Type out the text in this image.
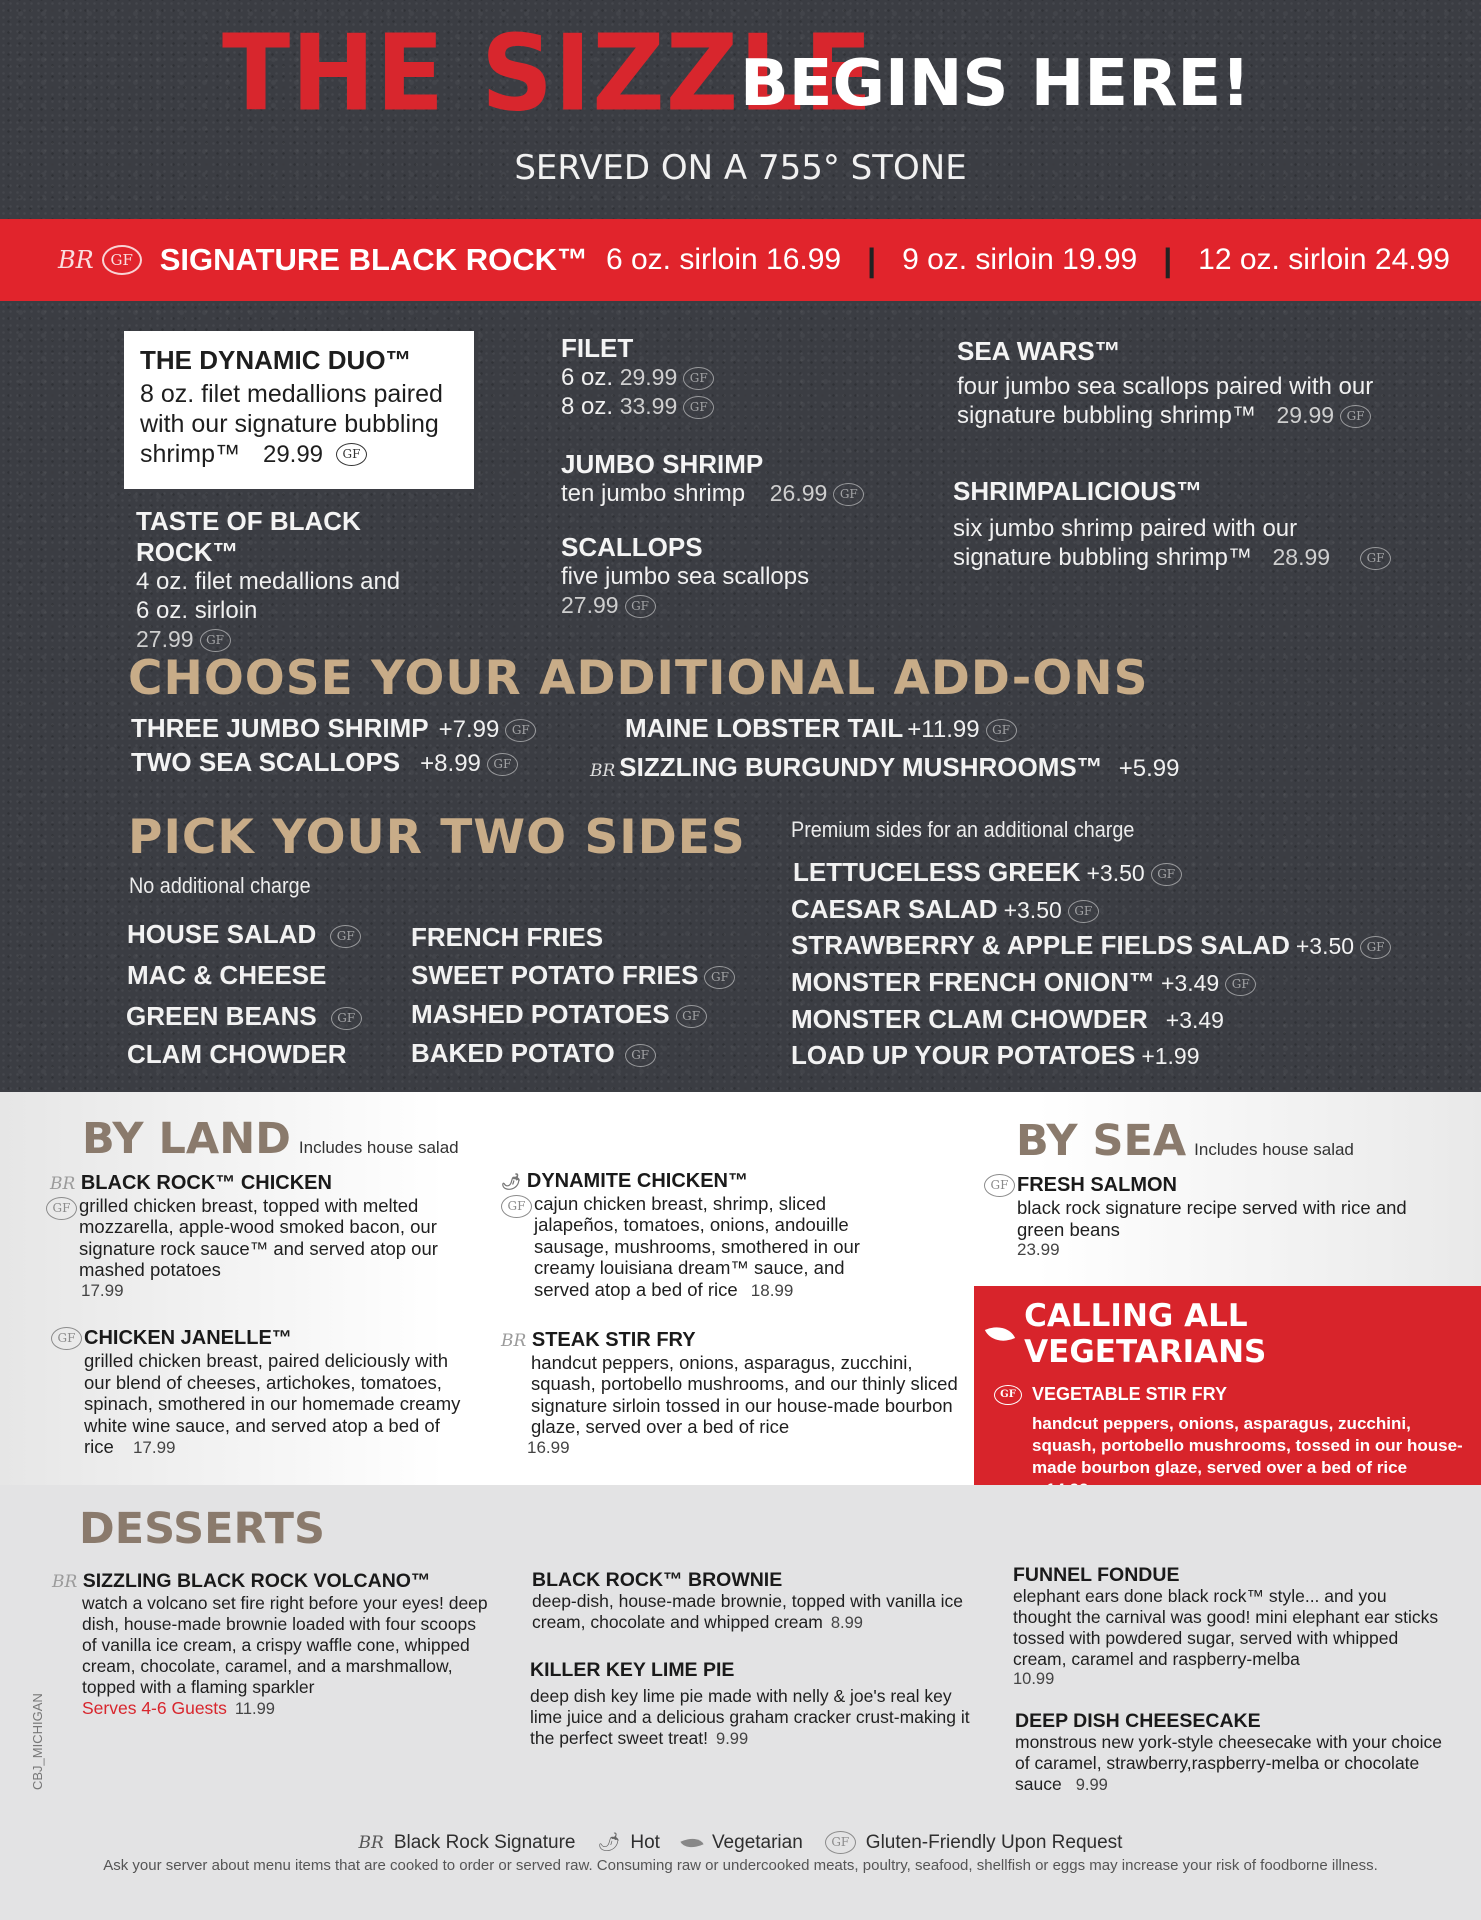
THE SIZZLE
BEGINS HERE!
SERVED ON A 755° STONE
BR	GF SIGNATURE BLACK ROCK™ 6 oz. sirloin 16.99 | 9 oz. sirloin 19.99 | 12 oz. sirloin 24.99
THE DYNAMIC DUO™
8 oz. filet medallions paired with our signature bubbling shrimp™ 29.99 GF
TASTE OF BLACK ROCK™
4 oz. filet medallions and
6 oz. sirloin
27.99 GF
FILET
6 oz. 29.99 GF
8 oz. 33.99 GF
JUMBO SHRIMP
ten jumbo shrimp 26.99 GF
SCALLOPS
five jumbo sea scallops
27.99 GF
SEA WARS™
four jumbo sea scallops paired with our
signature bubbling shrimp™ 29.99 GF
SHRIMPALICIOUS™
six jumbo shrimp paired with our
signature bubbling shrimp™ 28.99	GF
CHOOSE YOUR ADDITIONAL ADD-ONS
THREE JUMBO SHRIMP +7.99 GF
TWO SEA SCALLOPS +8.99 GF
MAINE LOBSTER TAIL +11.99 GF
BR SIZZLING BURGUNDY MUSHROOMS™ +5.99
PICK YOUR TWO SIDES
No additional charge
Premium sides for an additional charge
HOUSE SALAD GF
MAC & CHEESE
GREEN BEANS GF
CLAM CHOWDER
FRENCH FRIES
SWEET POTATO FRIES GF
MASHED POTATOES GF
BAKED POTATO GF
LETTUCELESS GREEK +3.50 GF
CAESAR SALAD +3.50 GF
STRAWBERRY & APPLE FIELDS SALAD +3.50 GF
MONSTER FRENCH ONION™ +3.49 GF
MONSTER CLAM CHOWDER +3.49
LOAD UP YOUR POTATOES +1.99
BY LAND Includes house salad
BR BLACK ROCK™ CHICKEN
GF grilled chicken breast, topped with melted mozzarella, apple-wood smoked bacon, our signature rock sauce™ and served atop our mashed potatoes
17.99
🌶 DYNAMITE CHICKEN™
GF cajun chicken breast, shrimp, sliced jalapeños, tomatoes, onions, andouille sausage, mushrooms, smothered in our creamy louisiana dream™ sauce, and served atop a bed of rice 18.99
GF CHICKEN JANELLE™
grilled chicken breast, paired deliciously with our blend of cheeses, artichokes, tomatoes, spinach, smothered in our homemade creamy white wine sauce, and served atop a bed of rice 17.99
BR STEAK STIR FRY
handcut peppers, onions, asparagus, zucchini, squash, portobello mushrooms, and our thinly sliced signature sirloin tossed in our house-made bourbon glaze, served over a bed of rice
16.99
BY SEA Includes house salad
GF FRESH SALMON
black rock signature recipe served with rice and green beans
23.99
CALLING ALL VEGETARIANS
GF VEGETABLE STIR FRY
handcut peppers, onions, asparagus, zucchini, squash, portobello mushrooms, tossed in our house-made bourbon glaze, served over a bed of rice
DESSERTS
BR SIZZLING BLACK ROCK VOLCANO™
watch a volcano set fire right before your eyes! deep dish, house-made brownie loaded with four scoops of vanilla ice cream, a crispy waffle cone, whipped cream, chocolate, caramel, and a marshmallow, topped with a flaming sparkler
Serves 4-6 Guests 11.99
BLACK ROCK™ BROWNIE
deep-dish, house-made brownie, topped with vanilla ice cream, chocolate and whipped cream 8.99
KILLER KEY LIME PIE
deep dish key lime pie made with nelly & joe's real key lime juice and a delicious graham cracker crust-making it the perfect sweet treat! 9.99
FUNNEL FONDUE
elephant ears done black rock™ style... and you thought the carnival was good! mini elephant ear sticks tossed with powdered sugar, served with whipped cream, caramel and raspberry-melba
10.99
DEEP DISH CHEESECAKE
monstrous new york-style cheesecake with your choice of caramel, strawberry,raspberry-melba or chocolate sauce 9.99
BR Black Rock Signature 🌶 Hot	Vegetarian	GF Gluten-Friendly Upon Request
Ask your server about menu items that are cooked to order or served raw. Consuming raw or undercooked meats, poultry, seafood, shellfish or eggs may increase your risk of foodborne illness.
CBJ_MICHIGAN
